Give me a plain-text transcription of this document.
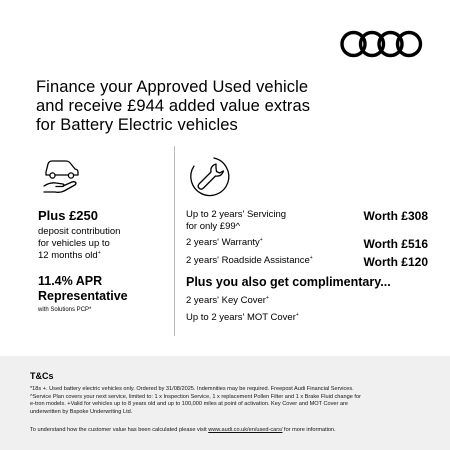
Finance your Approved Used vehicle
and receive £944 added value extras
for Battery Electric vehicles
Plus £250
deposit contribution
for vehicles up to
12 months old+
11.4% APR
Representative
with Solutions PCP*
Up to 2 years' Servicing
for only £99^
Worth £308
2 years' Warranty+	Worth £516
2 years' Roadside Assistance+	Worth £120
Plus you also get complimentary...
2 years' Key Cover+
Up to 2 years' MOT Cover+
T&Cs
*18s +. Used battery electric vehicles only. Ordered by 31/08/2025. Indemnities may be required. Freepost Audi Financial Services.
^Service Plan covers your next service, limited to: 1 x Inspection Service, 1 x replacement Pollen Filter and 1 x Brake Fluid change for
e-tron models. +Valid for vehicles up to 8 years old and up to 100,000 miles at point of activation. Key Cover and MOT Cover are
underwritten by Bspoke Underwriting Ltd.
To understand how the customer value has been calculated please visit www.audi.co.uk/en/used-cars/ for more information.
